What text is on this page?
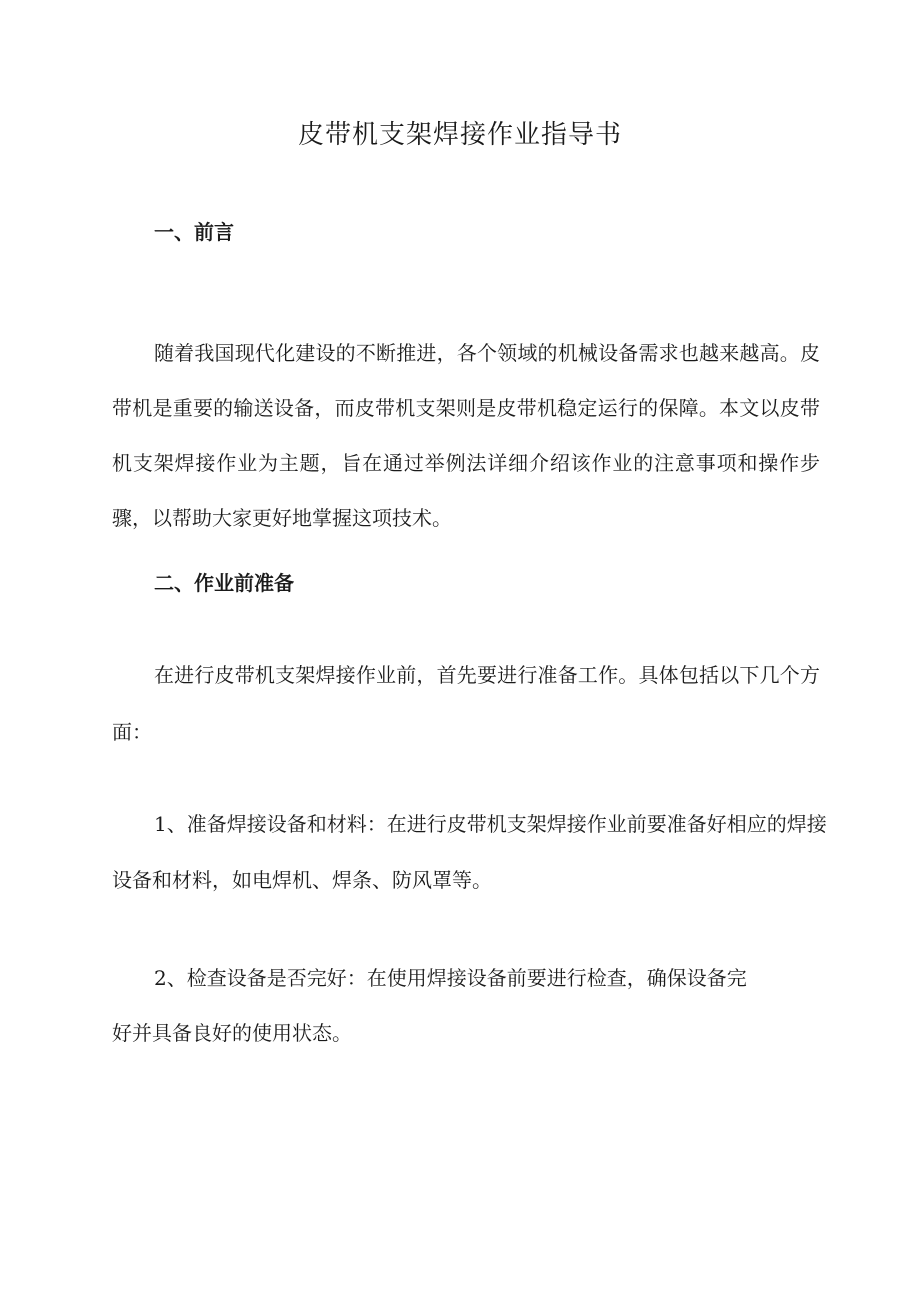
皮带机支架焊接作业指导书
一、前言

随着我国现代化建设的不断推进，各个领域的机械设备需求也越来越高。皮

带机是重要的输送设备，而皮带机支架则是皮带机稳定运行的保障。本文以皮带

机支架焊接作业为主题，旨在通过举例法详细介绍该作业的注意事项和操作步

骤，以帮助大家更好地掌握这项技术。

二、作业前准备

在进行皮带机支架焊接作业前，首先要进行准备工作。具体包括以下几个方

面：

1、准备焊接设备和材料：在进行皮带机支架焊接作业前要准备好相应的焊接

设备和材料，如电焊机、焊条、防风罩等。

2、检查设备是否完好：在使用焊接设备前要进行检查，确保设备完

好并具备良好的使用状态。
